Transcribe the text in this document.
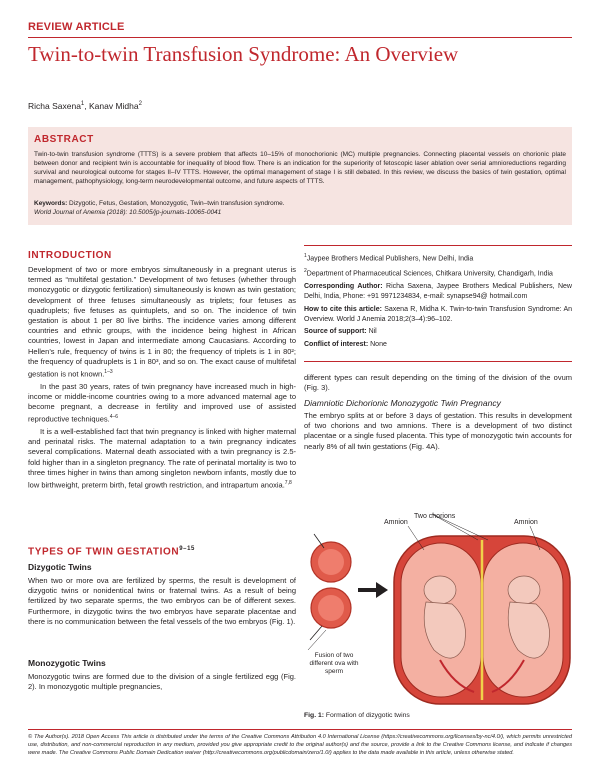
REVIEW ARTICLE
Twin-to-twin Transfusion Syndrome: An Overview
Richa Saxena$^1$, Kanav Midha$^2$
ABSTRACT
Twin-to-twin transfusion syndrome (TTTS) is a severe problem that affects 10–15% of monochorionic (MC) multiple pregnancies. Connecting placental vessels on chorionic plate between donor and recipient twin is accountable for inequality of blood flow. There is an indication for the superiority of fetoscopic laser ablation over serial amnioreductions regarding survival and neurological outcome for stages II–IV TTTS. However, the optimal management of stage I is still debated. In this review, we discuss the basics of twin gestation, optimal management, pathophysiology, long-term neurodevelopmental outcome, and future aspects of TTTS.
Keywords: Dizygotic, Fetus, Gestation, Monozygotic, Twin–twin transfusion syndrome.
World Journal of Anemia (2018): 10.5005/jp-journals-10065-0041
INTRODUCTION

Development of two or more embryos simultaneously in a pregnant uterus is termed as “multifetal gestation.” Development of two fetuses (whether through monozygotic or dizygotic fertilization) simultaneously is known as twin gestation; development of three fetuses simultaneously as triplets; four fetuses as quadruplets; five fetuses as quintuplets, and so on. The incidence of twin gestation is about 1 per 80 live births. The incidence varies among different countries and ethnic groups, with the incidence being highest in African countries, lowest in Japan and intermediate among Caucasians. According to Hellen’s rule, frequency of twins is 1 in 80; the frequency of triplets is 1 in 80²; the frequency of quadruplets is 1 in 80³, and so on. The exact cause of multifetal gestation is not known.$^{1-3}$

In the past 30 years, rates of twin pregnancy have increased much in high-income or middle-income countries owing to a more advanced maternal age to become pregnant, a decrease in fertility and improved use of assisted reproductive techniques.$^{4-6}$

It is a well-established fact that twin pregnancy is linked with higher maternal and perinatal risks. The maternal adaptation to a twin pregnancy indicates several complications. Maternal death associated with a twin pregnancy is 2.5-fold higher than in a singleton pregnancy. The rate of perinatal mortality is two to three times higher in twins than among singleton newborn infants, mostly due to low birthweight, preterm birth, fetal growth restriction, and intrapartum anoxia.$^{7,8}$

TYPES OF TWIN GESTATION$^{9-15}$
Dizygotic Twins
When two or more ova are fertilized by sperms, the result is development of dizygotic twins or nonidentical twins or fraternal twins. As a result of being fertilized by two separate sperms, the two embryos can be of different sexes. Furthermore, in dizygotic twins the two embryos have separate placentae and there is no communication between the fetal vessels of the two embryos (Fig. 1).
Monozygotic Twins
Monozygotic twins are formed due to the division of a single fertilized egg (Fig. 2). In monozygotic multiple pregnancies,

$^1$Jaypee Brothers Medical Publishers, New Delhi, India

$^2$Department of Pharmaceutical Sciences, Chitkara University, Chandigarh, India

Corresponding Author: Richa Saxena, Jaypee Brothers Medical Publishers, New Delhi, India, Phone: +91 9971234834, e-mail: synapse94@ hotmail.com

How to cite this article: Saxena R, Midha K. Twin-to-twin Transfusion Syndrome: An Overview. World J Anemia 2018;2(3–4):96–102.

Source of support: Nil

Conflict of interest: None

different types can result depending on the timing of the division of the ovum (Fig. 3).
Diamniotic Dichorionic Monozygotic Twin Pregnancy
The embryo splits at or before 3 days of gestation. This results in development of two chorions and two amnions. There is a development of two distinct placentae or a single fused placenta. This type of monozygotic twin accounts for nearly 8% of all twin gestations (Fig. 4A).
Two chorions
Amnion	Amnion
Fusion of two different ova with sperm
Fig. 1: Formation of dizygotic twins
© The Author(s). 2018 Open Access This article is distributed under the terms of the Creative Commons Attribution 4.0 International License (https://creativecommons.org/licenses/by-nc/4.0/), which permits unrestricted use, distribution, and non-commercial reproduction in any medium, provided you give appropriate credit to the original author(s) and the source, provide a link to the Creative Commons license, and indicate if changes were made. The Creative Commons Public Domain Dedication waiver (http://creativecommons.org/publicdomain/zero/1.0/) applies to the data made available in this article, unless otherwise stated.
